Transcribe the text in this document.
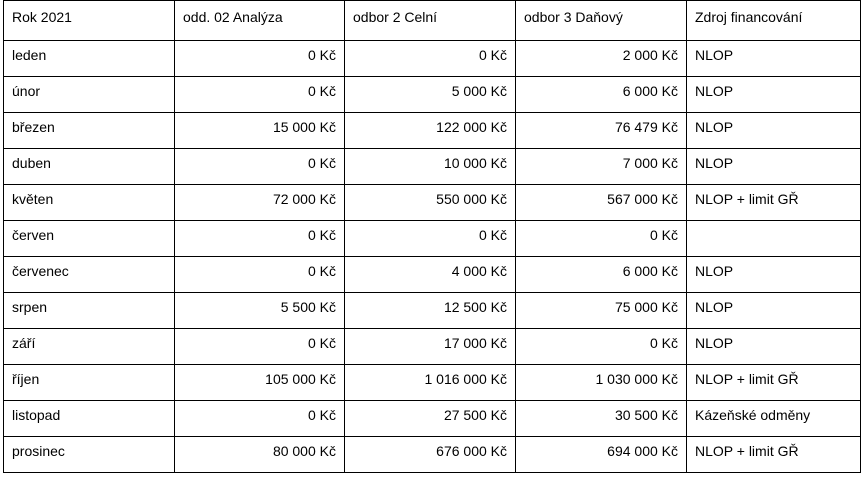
Rok 2021	odd. 02 Analýza	odbor 2 Celní	odbor 3 Daňový	Zdroj financování
leden	0 Kč	0 Kč	2 000 Kč	NLOP
únor	0 Kč	5 000 Kč	6 000 Kč	NLOP
březen	15 000 Kč	122 000 Kč	76 479 Kč	NLOP
duben	0 Kč	10 000 Kč	7 000 Kč	NLOP
květen	72 000 Kč	550 000 Kč	567 000 Kč	NLOP + limit GŘ
červen	0 Kč	0 Kč	0 Kč	
červenec	0 Kč	4 000 Kč	6 000 Kč	NLOP
srpen	5 500 Kč	12 500 Kč	75 000 Kč	NLOP
září	0 Kč	17 000 Kč	0 Kč	NLOP
říjen	105 000 Kč	1 016 000 Kč	1 030 000 Kč	NLOP + limit GŘ
listopad	0 Kč	27 500 Kč	30 500 Kč	Kázeňské odměny
prosinec	80 000 Kč	676 000 Kč	694 000 Kč	NLOP + limit GŘ
